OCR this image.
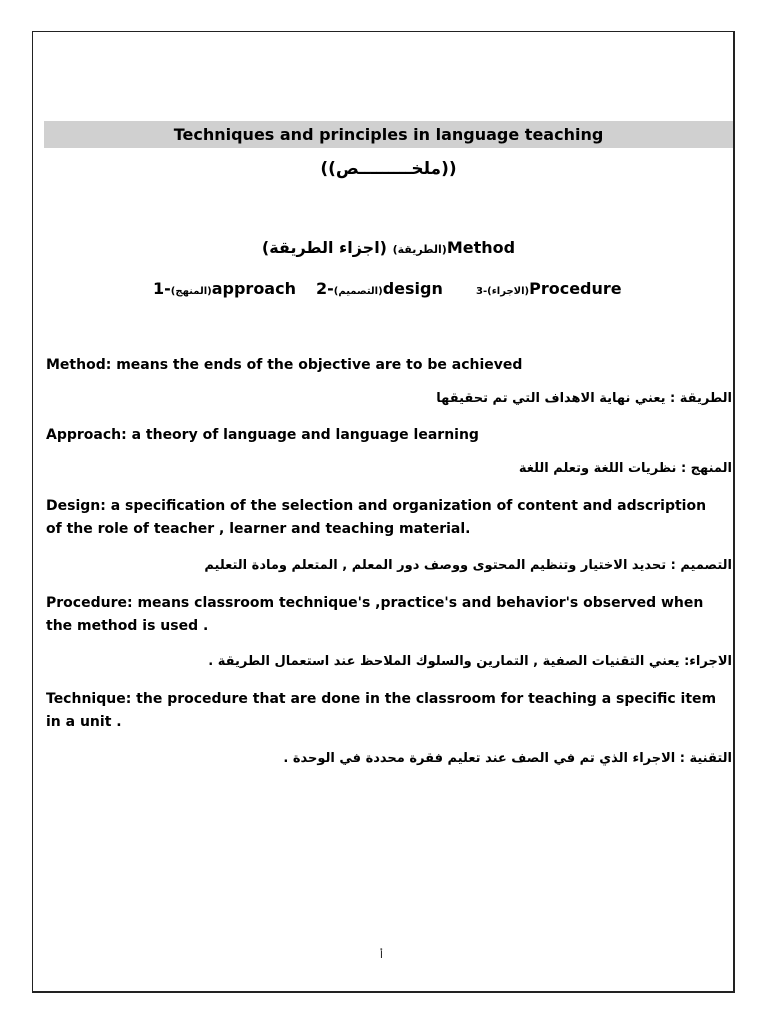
Techniques and principles in language teaching
((ملخـــــــــص))
(اجزاء الطريقة) (الطريقة)Method
1-(المنهج)approach 2-(التصميم)design	3-(الاجراء)Procedure
Method: means the ends of the objective are to be achieved
الطريقة : يعني نهاية الاهداف التي تم تحقيقها
Approach: a theory of language and language learning
المنهج : نظريات اللغة وتعلم اللغة
Design: a specification of the selection and organization of content and adscription of the role of teacher , learner and teaching material.
التصميم : تحديد الاختيار وتنظيم المحتوى ووصف دور المعلم , المتعلم ومادة التعليم
Procedure: means classroom technique's ,practice's and behavior's observed when the method is used .
الاجراء: يعني التقنيات الصفية , التمارين والسلوك الملاحظ عند استعمال الطريقة .
Technique: the procedure that are done in the classroom for teaching a specific item in a unit .
التقنية : الاجراء الذي تم في الصف عند تعليم فقرة محددة في الوحدة .
أ
